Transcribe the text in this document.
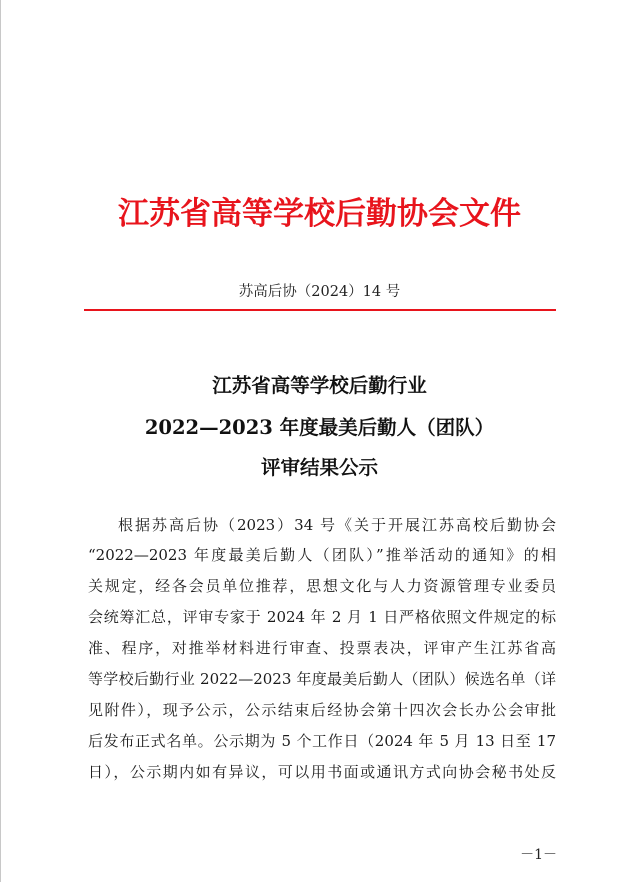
江苏省高等学校后勤协会文件
苏高后协（2024）14 号
江苏省高等学校后勤行业
2022—2023 年度最美后勤人（团队）
评审结果公示
根据苏高后协（2023）34 号《关于开展江苏高校后勤协会
“2022—2023 年度最美后勤人（团队）”推举活动的通知》的相
关规定，经各会员单位推荐，思想文化与人力资源管理专业委员
会统筹汇总，评审专家于 2024 年 2 月 1 日严格依照文件规定的标
准、程序，对推举材料进行审查、投票表决，评审产生江苏省高
等学校后勤行业 2022—2023 年度最美后勤人（团队）候选名单（详
见附件），现予公示，公示结束后经协会第十四次会长办公会审批
后发布正式名单。公示期为 5 个工作日（2024 年 5 月 13 日至 17
日），公示期内如有异议，可以用书面或通讯方式向协会秘书处反
－1－
